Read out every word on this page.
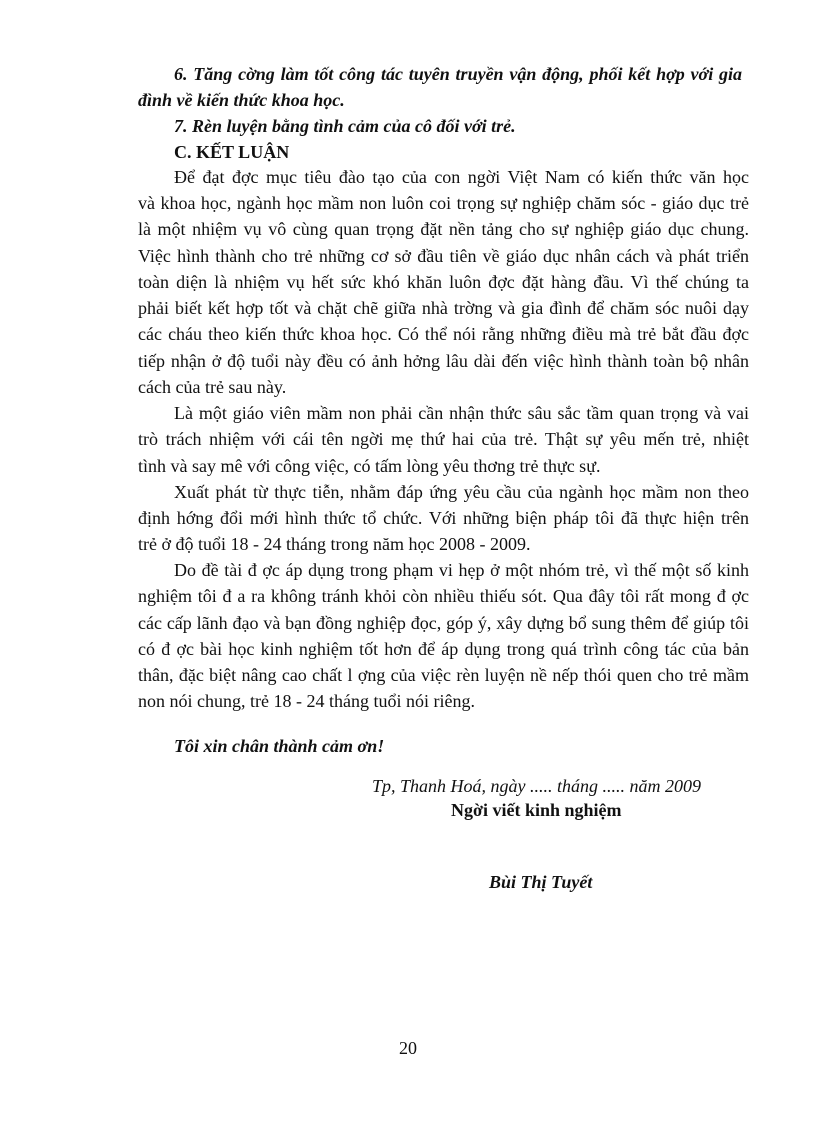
6. Tăng cờng làm tốt công tác tuyên truyền vận động, phối kết hợp với gia
đình về kiến thức khoa học.
7. Rèn luyện bằng tình cảm của cô đối với trẻ.
C. KẾT LUẬN
Để đạt đợc mục tiêu đào tạo của con ngời Việt Nam có kiến thức văn học
và khoa học, ngành học mầm non luôn coi trọng sự nghiệp chăm sóc - giáo dục trẻ
là một nhiệm vụ vô cùng quan trọng đặt nền tảng cho sự nghiệp giáo dục chung.
Việc hình thành cho trẻ những cơ sở đầu tiên về giáo dục nhân cách và phát triển
toàn diện là nhiệm vụ hết sức khó khăn luôn đợc đặt hàng đầu. Vì thế chúng ta
phải biết kết hợp tốt và chặt chẽ giữa nhà trờng và gia đình để chăm sóc nuôi dạy
các cháu theo kiến thức khoa học. Có thể nói rằng những điều mà trẻ bắt đầu đợc
tiếp nhận ở độ tuổi này đều có ảnh hởng lâu dài đến việc hình thành toàn bộ nhân
cách của trẻ sau này.
Là một giáo viên mầm non phải cần nhận thức sâu sắc tầm quan trọng và vai
trò trách nhiệm với cái tên ngời mẹ thứ hai của trẻ. Thật sự yêu mến trẻ, nhiệt
tình và say mê với công việc, có tấm lòng yêu thơng trẻ thực sự.
Xuất phát từ thực tiễn, nhằm đáp ứng yêu cầu của ngành học mầm non theo
định hớng đổi mới hình thức tổ chức. Với những biện pháp tôi đã thực hiện trên
trẻ ở độ tuổi 18 - 24 tháng trong năm học 2008 - 2009.
Do đề tài đ ợc áp dụng trong phạm vi hẹp ở một nhóm trẻ, vì thế một số kinh
nghiệm tôi đ a ra không tránh khỏi còn nhiều thiếu sót. Qua đây tôi rất mong đ ợc
các cấp lãnh đạo và bạn đồng nghiệp đọc, góp ý, xây dựng bổ sung thêm để giúp tôi
có đ ợc bài học kinh nghiệm tốt hơn để áp dụng trong quá trình công tác của bản
thân, đặc biệt nâng cao chất l ợng của việc rèn luyện nề nếp thói quen cho trẻ mầm
non nói chung, trẻ 18 - 24 tháng tuổi nói riêng.
Tôi xin chân thành cảm ơn!
Tp, Thanh Hoá, ngày ..... tháng ..... năm 2009
Ngời viết kinh nghiệm
Bùi Thị Tuyết
20
